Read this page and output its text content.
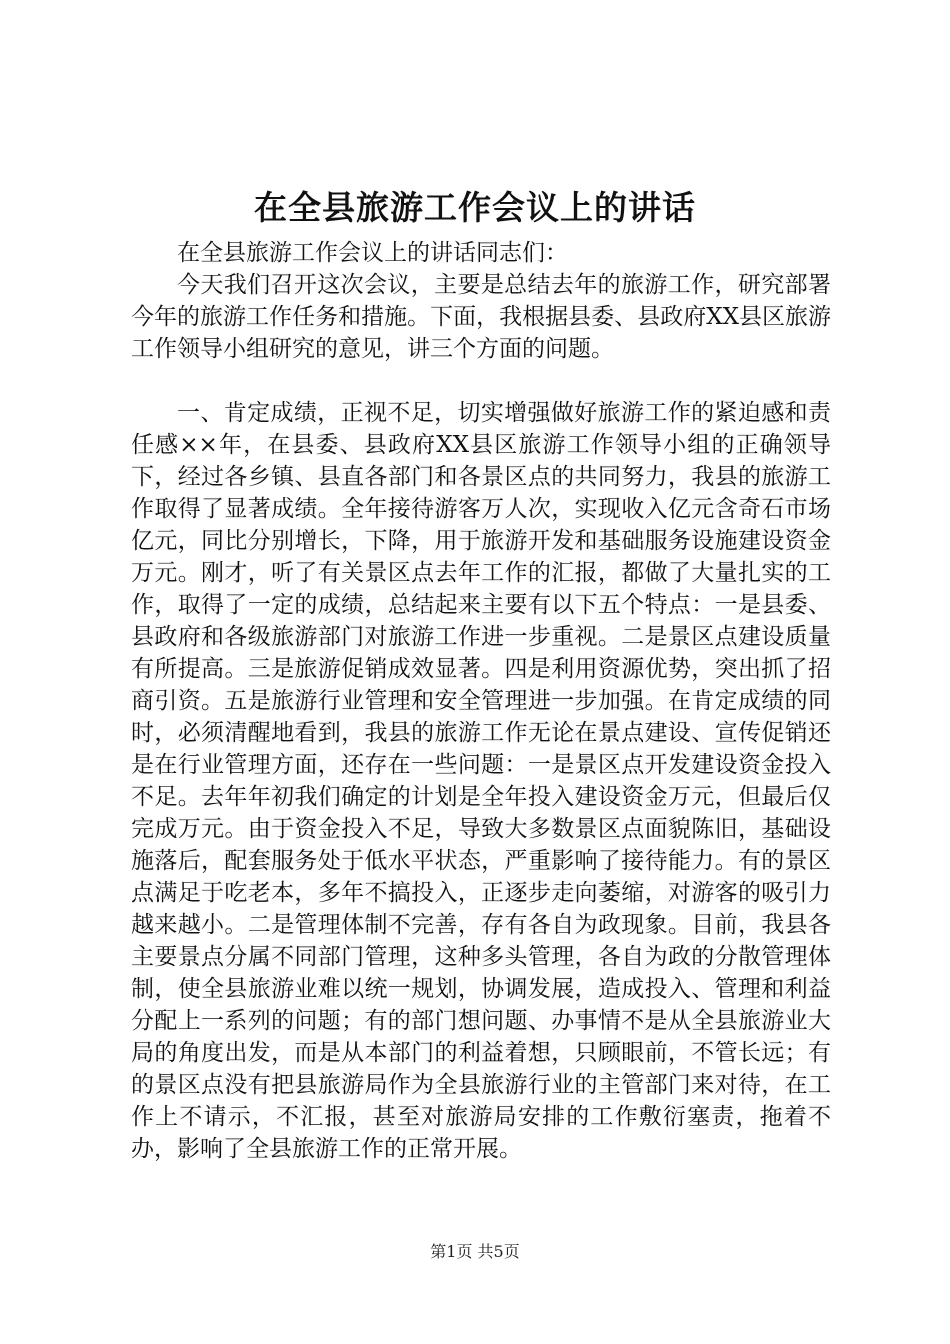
在全县旅游工作会议上的讲话

在全县旅游工作会议上的讲话同志们：

今天我们召开这次会议，主要是总结去年的旅游工作，研究部署今年的旅游工作任务和措施。下面，我根据县委、县政府XX县区旅游工作领导小组研究的意见，讲三个方面的问题。

一、肯定成绩，正视不足，切实增强做好旅游工作的紧迫感和责任感××年，在县委、县政府XX县区旅游工作领导小组的正确领导下，经过各乡镇、县直各部门和各景区点的共同努力，我县的旅游工作取得了显著成绩。全年接待游客万人次，实现收入亿元含奇石市场亿元，同比分别增长，下降，用于旅游开发和基础服务设施建设资金万元。刚才，听了有关景区点去年工作的汇报，都做了大量扎实的工作，取得了一定的成绩，总结起来主要有以下五个特点：一是县委、县政府和各级旅游部门对旅游工作进一步重视。二是景区点建设质量有所提高。三是旅游促销成效显著。四是利用资源优势，突出抓了招商引资。五是旅游行业管理和安全管理进一步加强。在肯定成绩的同时，必须清醒地看到，我县的旅游工作无论在景点建设、宣传促销还是在行业管理方面，还存在一些问题：一是景区点开发建设资金投入不足。去年年初我们确定的计划是全年投入建设资金万元，但最后仅完成万元。由于资金投入不足，导致大多数景区点面貌陈旧，基础设施落后，配套服务处于低水平状态，严重影响了接待能力。有的景区点满足于吃老本，多年不搞投入，正逐步走向萎缩，对游客的吸引力越来越小。二是管理体制不完善，存有各自为政现象。目前，我县各主要景点分属不同部门管理，这种多头管理，各自为政的分散管理体制，使全县旅游业难以统一规划，协调发展，造成投入、管理和利益分配上一系列的问题；有的部门想问题、办事情不是从全县旅游业大局的角度出发，而是从本部门的利益着想，只顾眼前，不管长远；有的景区点没有把县旅游局作为全县旅游行业的主管部门来对待，在工作上不请示，不汇报，甚至对旅游局安排的工作敷衍塞责，拖着不办，影响了全县旅游工作的正常开展。

第1页 共5页
